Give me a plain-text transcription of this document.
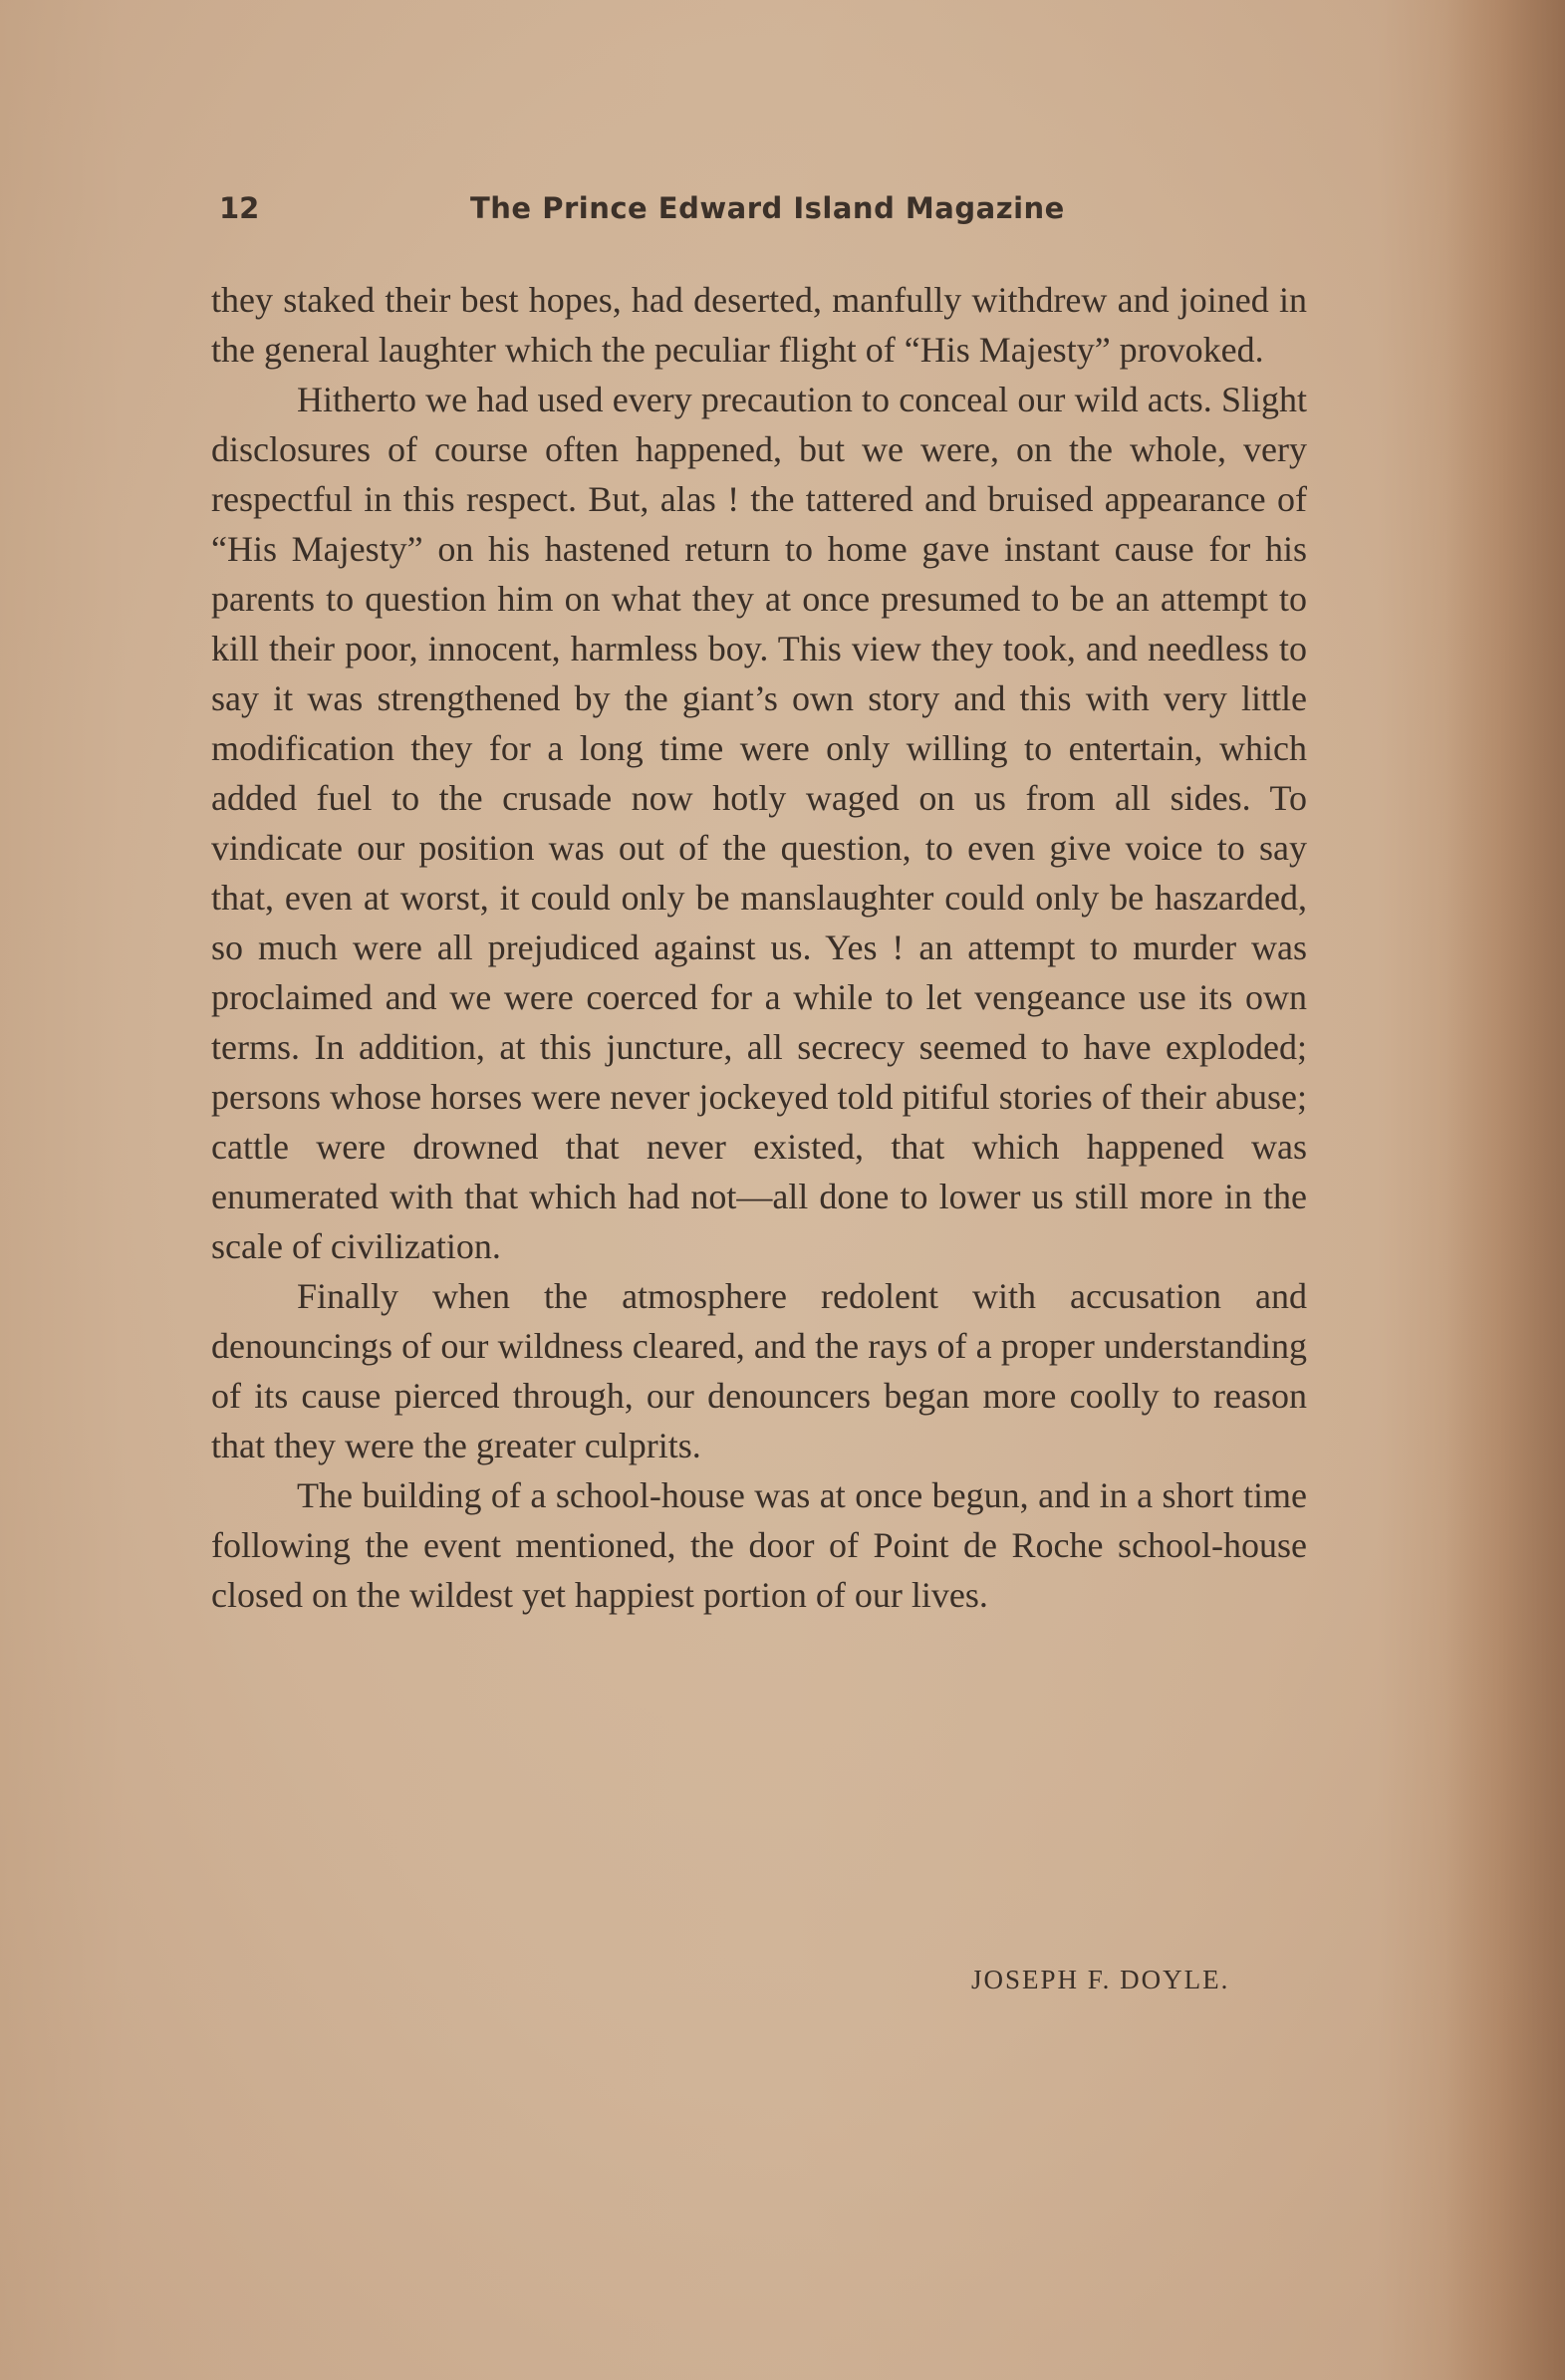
12	The Prince Edward Island Magazine

they staked their best hopes, had deserted, manfully withdrew and joined in the general laughter which the peculiar flight of “His Majesty” provoked.

Hitherto we had used every precaution to conceal our wild acts. Slight disclosures of course often happened, but we were, on the whole, very respectful in this respect. But, alas ! the tattered and bruised appearance of “His Majesty” on his hastened return to home gave instant cause for his parents to question him on what they at once presumed to be an attempt to kill their poor, innocent, harmless boy. This view they took, and needless to say it was strengthened by the giant’s own story and this with very little modification they for a long time were only willing to entertain, which added fuel to the crusade now hotly waged on us from all sides. To vindicate our position was out of the question, to even give voice to say that, even at worst, it could only be manslaughter could only be haszarded, so much were all prejudiced against us. Yes ! an attempt to murder was proclaimed and we were coerced for a while to let vengeance use its own terms. In addition, at this juncture, all secrecy seemed to have exploded; persons whose horses were never jockeyed told pitiful stories of their abuse; cattle were drowned that never existed, that which happened was enumerated with that which had not—all done to lower us still more in the scale of civilization.

Finally when the atmosphere redolent with accusation and denouncings of our wildness cleared, and the rays of a proper understanding of its cause pierced through, our denouncers began more coolly to reason that they were the greater culprits.

The building of a school-house was at once begun, and in a short time following the event mentioned, the door of Point de Roche school-house closed on the wildest yet happiest portion of our lives.

JOSEPH F. DOYLE.
